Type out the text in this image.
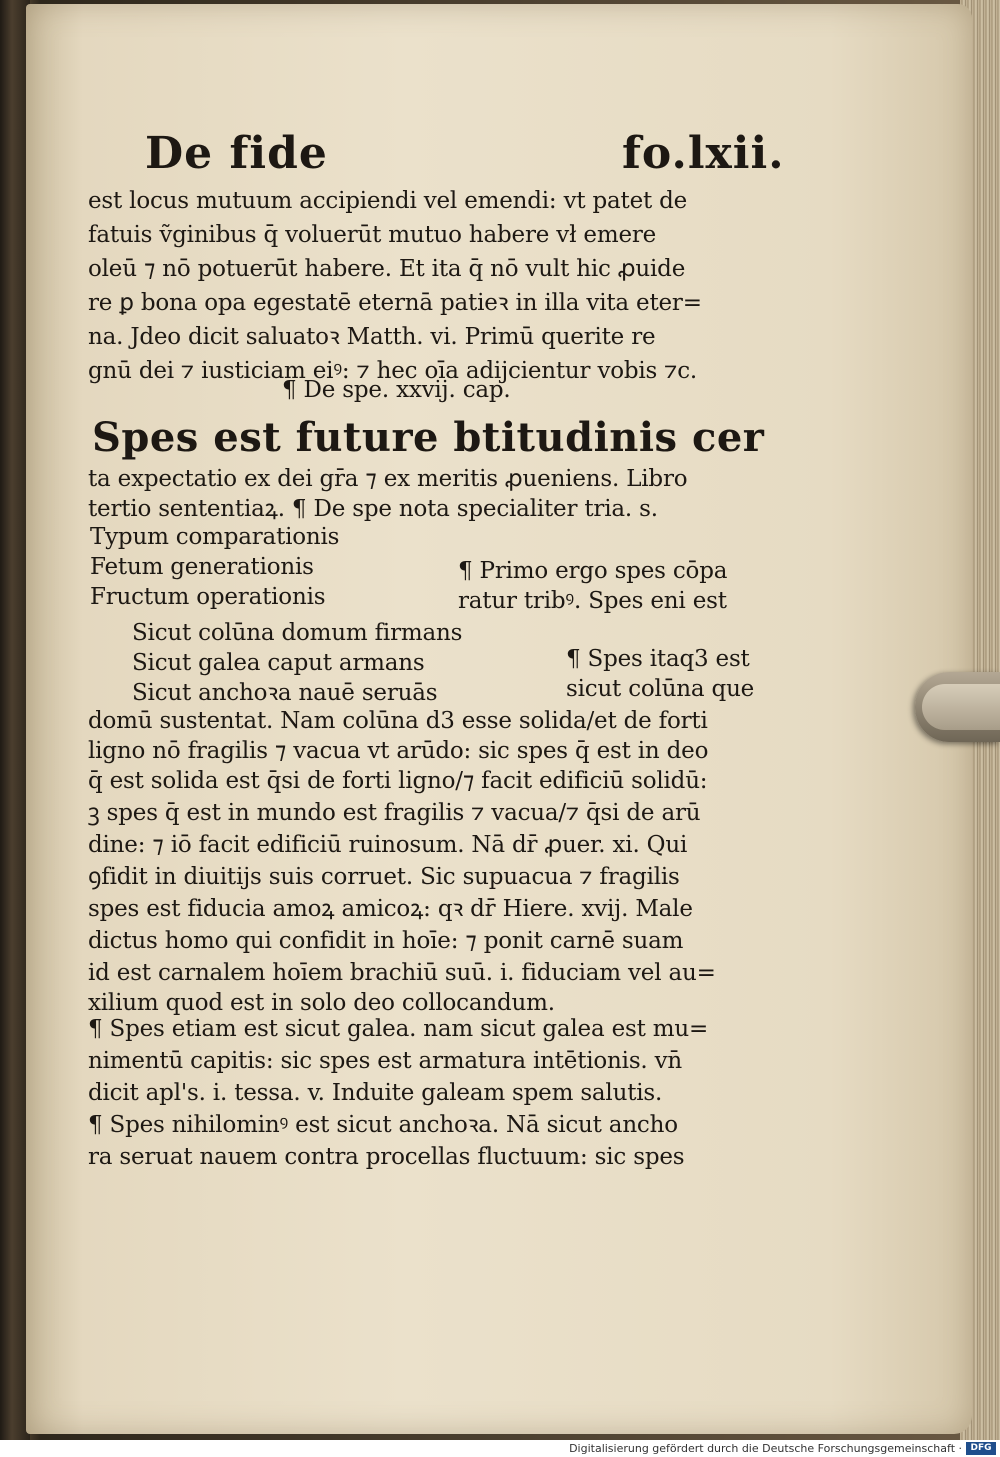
De fide	fo.lxii.
est locus mutuum accipiendi vel emendi: vt patet de
fatuis ṽginibus q̄ voluerūt mutuo habere vł emere
oleū ⁊ nō potuerūt habere. Et ita q̄ nō vult hic ꝓuide
re ꝑ bona opa egestatē eternā patieꝛ in illa vita eter=
na. Jdeo dicit saluatoꝛ Matth. vi. Primū querite re
gnū dei ⁊ iusticiam eiꝰ: ⁊ hec oīa adijcientur vobis ⁊c.
¶ De spe. xxvij. cap.
Spes est future btitudinis cer
ta expectatio ex dei gr̄a ⁊ ex meritis ꝓueniens. Libro
tertio sententiaꝝ. ¶ De spe nota specialiter tria. s.
Typum comparationis
Fetum generationis
Fructum operationis
¶ Primo ergo spes cōpa
ratur tribꝰ. Spes eni est
Sicut colūna domum firmans
Sicut galea caput armans
Sicut anchoꝛa nauē seruās
¶ Spes itaq3 est
sicut colūna que
domū sustentat. Nam colūna d3 esse solida/et de forti
ligno nō fragilis ⁊ vacua vt arūdo: sic spes q̄ est in deo
q̄ est solida est q̄si de forti ligno/⁊ facit edificiū solidū:
ꝫ spes q̄ est in mundo est fragilis ⁊ vacua/⁊ q̄si de arū
dine: ⁊ iō facit edificiū ruinosum. Nā dr̄ ꝓuer. xi. Qui
ꝯfidit in diuitijs suis corruet. Sic supuacua ⁊ fragilis
spes est fiducia amoꝝ amicoꝝ: qꝛ dr̄ Hiere. xvij. Male
dictus homo qui confidit in hoīe: ⁊ ponit carnē suam
id est carnalem hoīem brachiū suū. i. fiduciam vel au=
xilium quod est in solo deo collocandum.
¶ Spes etiam est sicut galea. nam sicut galea est mu=
nimentū capitis: sic spes est armatura intētionis. vn̄
dicit apl's. i. tessa. v. Induite galeam spem salutis.
¶ Spes nihilominꝰ est sicut anchoꝛa. Nā sicut ancho
ra seruat nauem contra procellas fluctuum: sic spes
Digitalisierung gefördert durch die Deutsche Forschungsgemeinschaft · DFG
